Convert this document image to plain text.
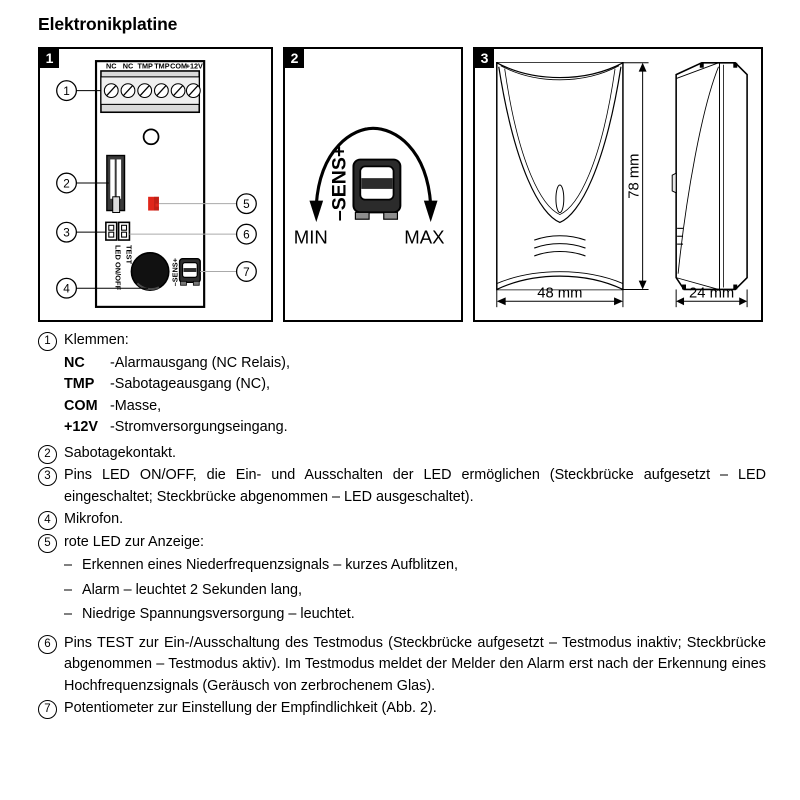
Elektronikplatine
1
NC NC TMP TMP COM
+12V
TEST
LED ON/OFF	–SENS+
1
2
3
4
5
6
7
2
–SENS+
MIN	MAX
3
78 mm
48 mm	24 mm
1 Klemmen:
NC	-	Alarmausgang (NC Relais),
TMP	-	Sabotageausgang (NC),
COM	-	Masse,
+12V	-	Stromversorgungseingang.
2 Sabotagekontakt.
3 Pins LED ON/OFF, die Ein- und Ausschalten der LED ermöglichen (Steckbrücke aufgesetzt – LED eingeschaltet; Steckbrücke abgenommen – LED ausgeschaltet).
4 Mikrofon.
5 rote LED zur Anzeige:
– Erkennen eines Niederfrequenzsignals – kurzes Aufblitzen,
– Alarm – leuchtet 2 Sekunden lang,
– Niedrige Spannungsversorgung – leuchtet.
6 Pins TEST zur Ein-/Ausschaltung des Testmodus (Steckbrücke aufgesetzt – Testmodus inaktiv; Steckbrücke abgenommen – Testmodus aktiv). Im Testmodus meldet der Melder den Alarm erst nach der Erkennung eines Hochfrequenzsignals (Geräusch von zerbrochenem Glas).
7 Potentiometer zur Einstellung der Empfindlichkeit (Abb. 2).
